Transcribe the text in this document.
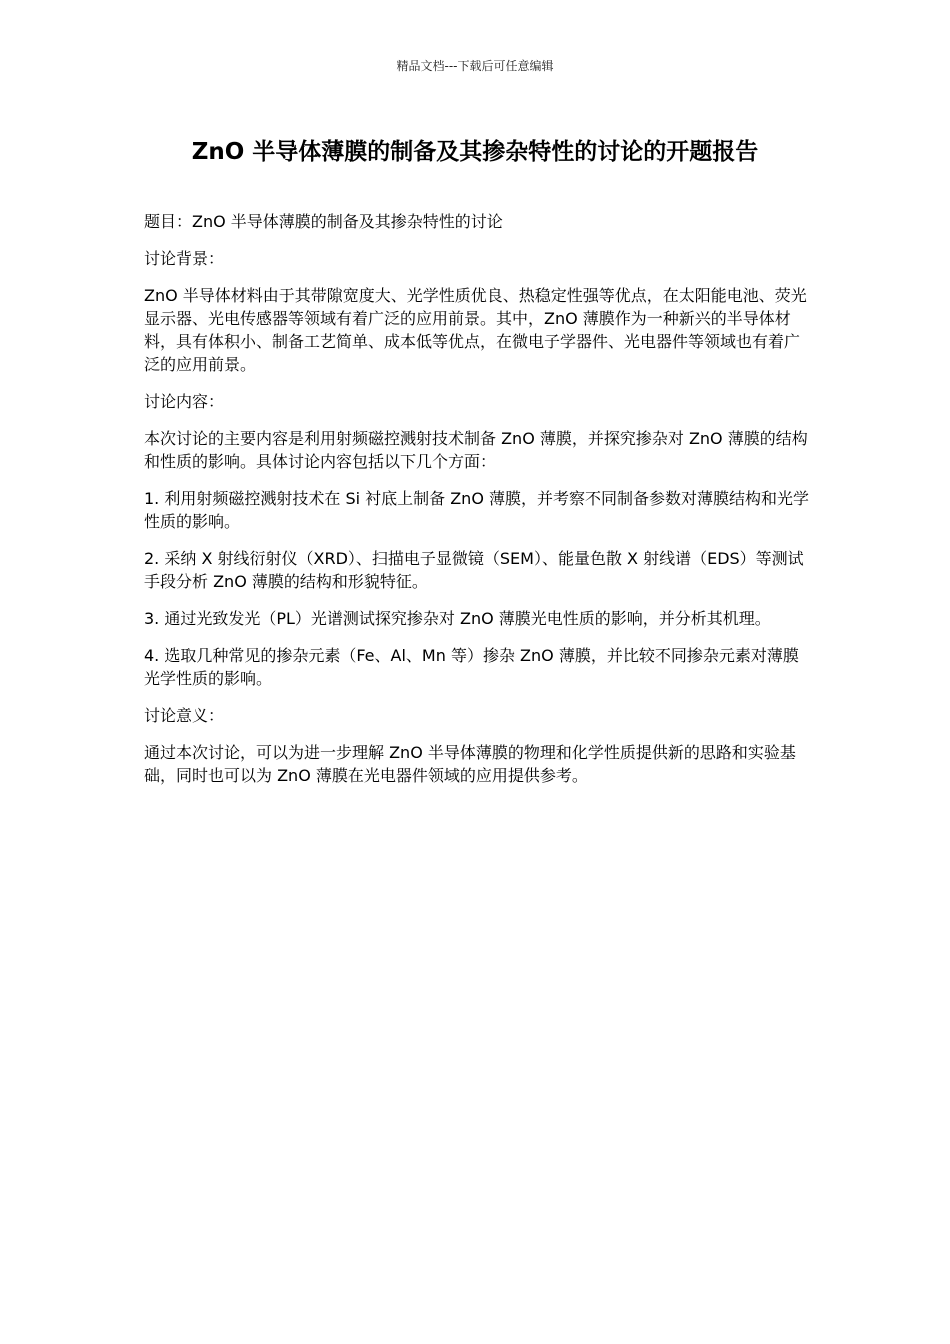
精品文档---下载后可任意编辑
ZnO 半导体薄膜的制备及其掺杂特性的讨论的开题报告

题目：ZnO 半导体薄膜的制备及其掺杂特性的讨论

讨论背景：

ZnO 半导体材料由于其带隙宽度大、光学性质优良、热稳定性强等优点，在太阳能电池、荧光显示器、光电传感器等领域有着广泛的应用前景。其中，ZnO 薄膜作为一种新兴的半导体材料，具有体积小、制备工艺简单、成本低等优点，在微电子学器件、光电器件等领域也有着广泛的应用前景。

讨论内容：

本次讨论的主要内容是利用射频磁控溅射技术制备 ZnO 薄膜，并探究掺杂对 ZnO 薄膜的结构和性质的影响。具体讨论内容包括以下几个方面：

1. 利用射频磁控溅射技术在 Si 衬底上制备 ZnO 薄膜，并考察不同制备参数对薄膜结构和光学性质的影响。

2. 采纳 X 射线衍射仪（XRD）、扫描电子显微镜（SEM）、能量色散 X 射线谱（EDS）等测试手段分析 ZnO 薄膜的结构和形貌特征。

3. 通过光致发光（PL）光谱测试探究掺杂对 ZnO 薄膜光电性质的影响，并分析其机理。

4. 选取几种常见的掺杂元素（Fe、Al、Mn 等）掺杂 ZnO 薄膜，并比较不同掺杂元素对薄膜光学性质的影响。

讨论意义：

通过本次讨论，可以为进一步理解 ZnO 半导体薄膜的物理和化学性质提供新的思路和实验基础，同时也可以为 ZnO 薄膜在光电器件领域的应用提供参考。
